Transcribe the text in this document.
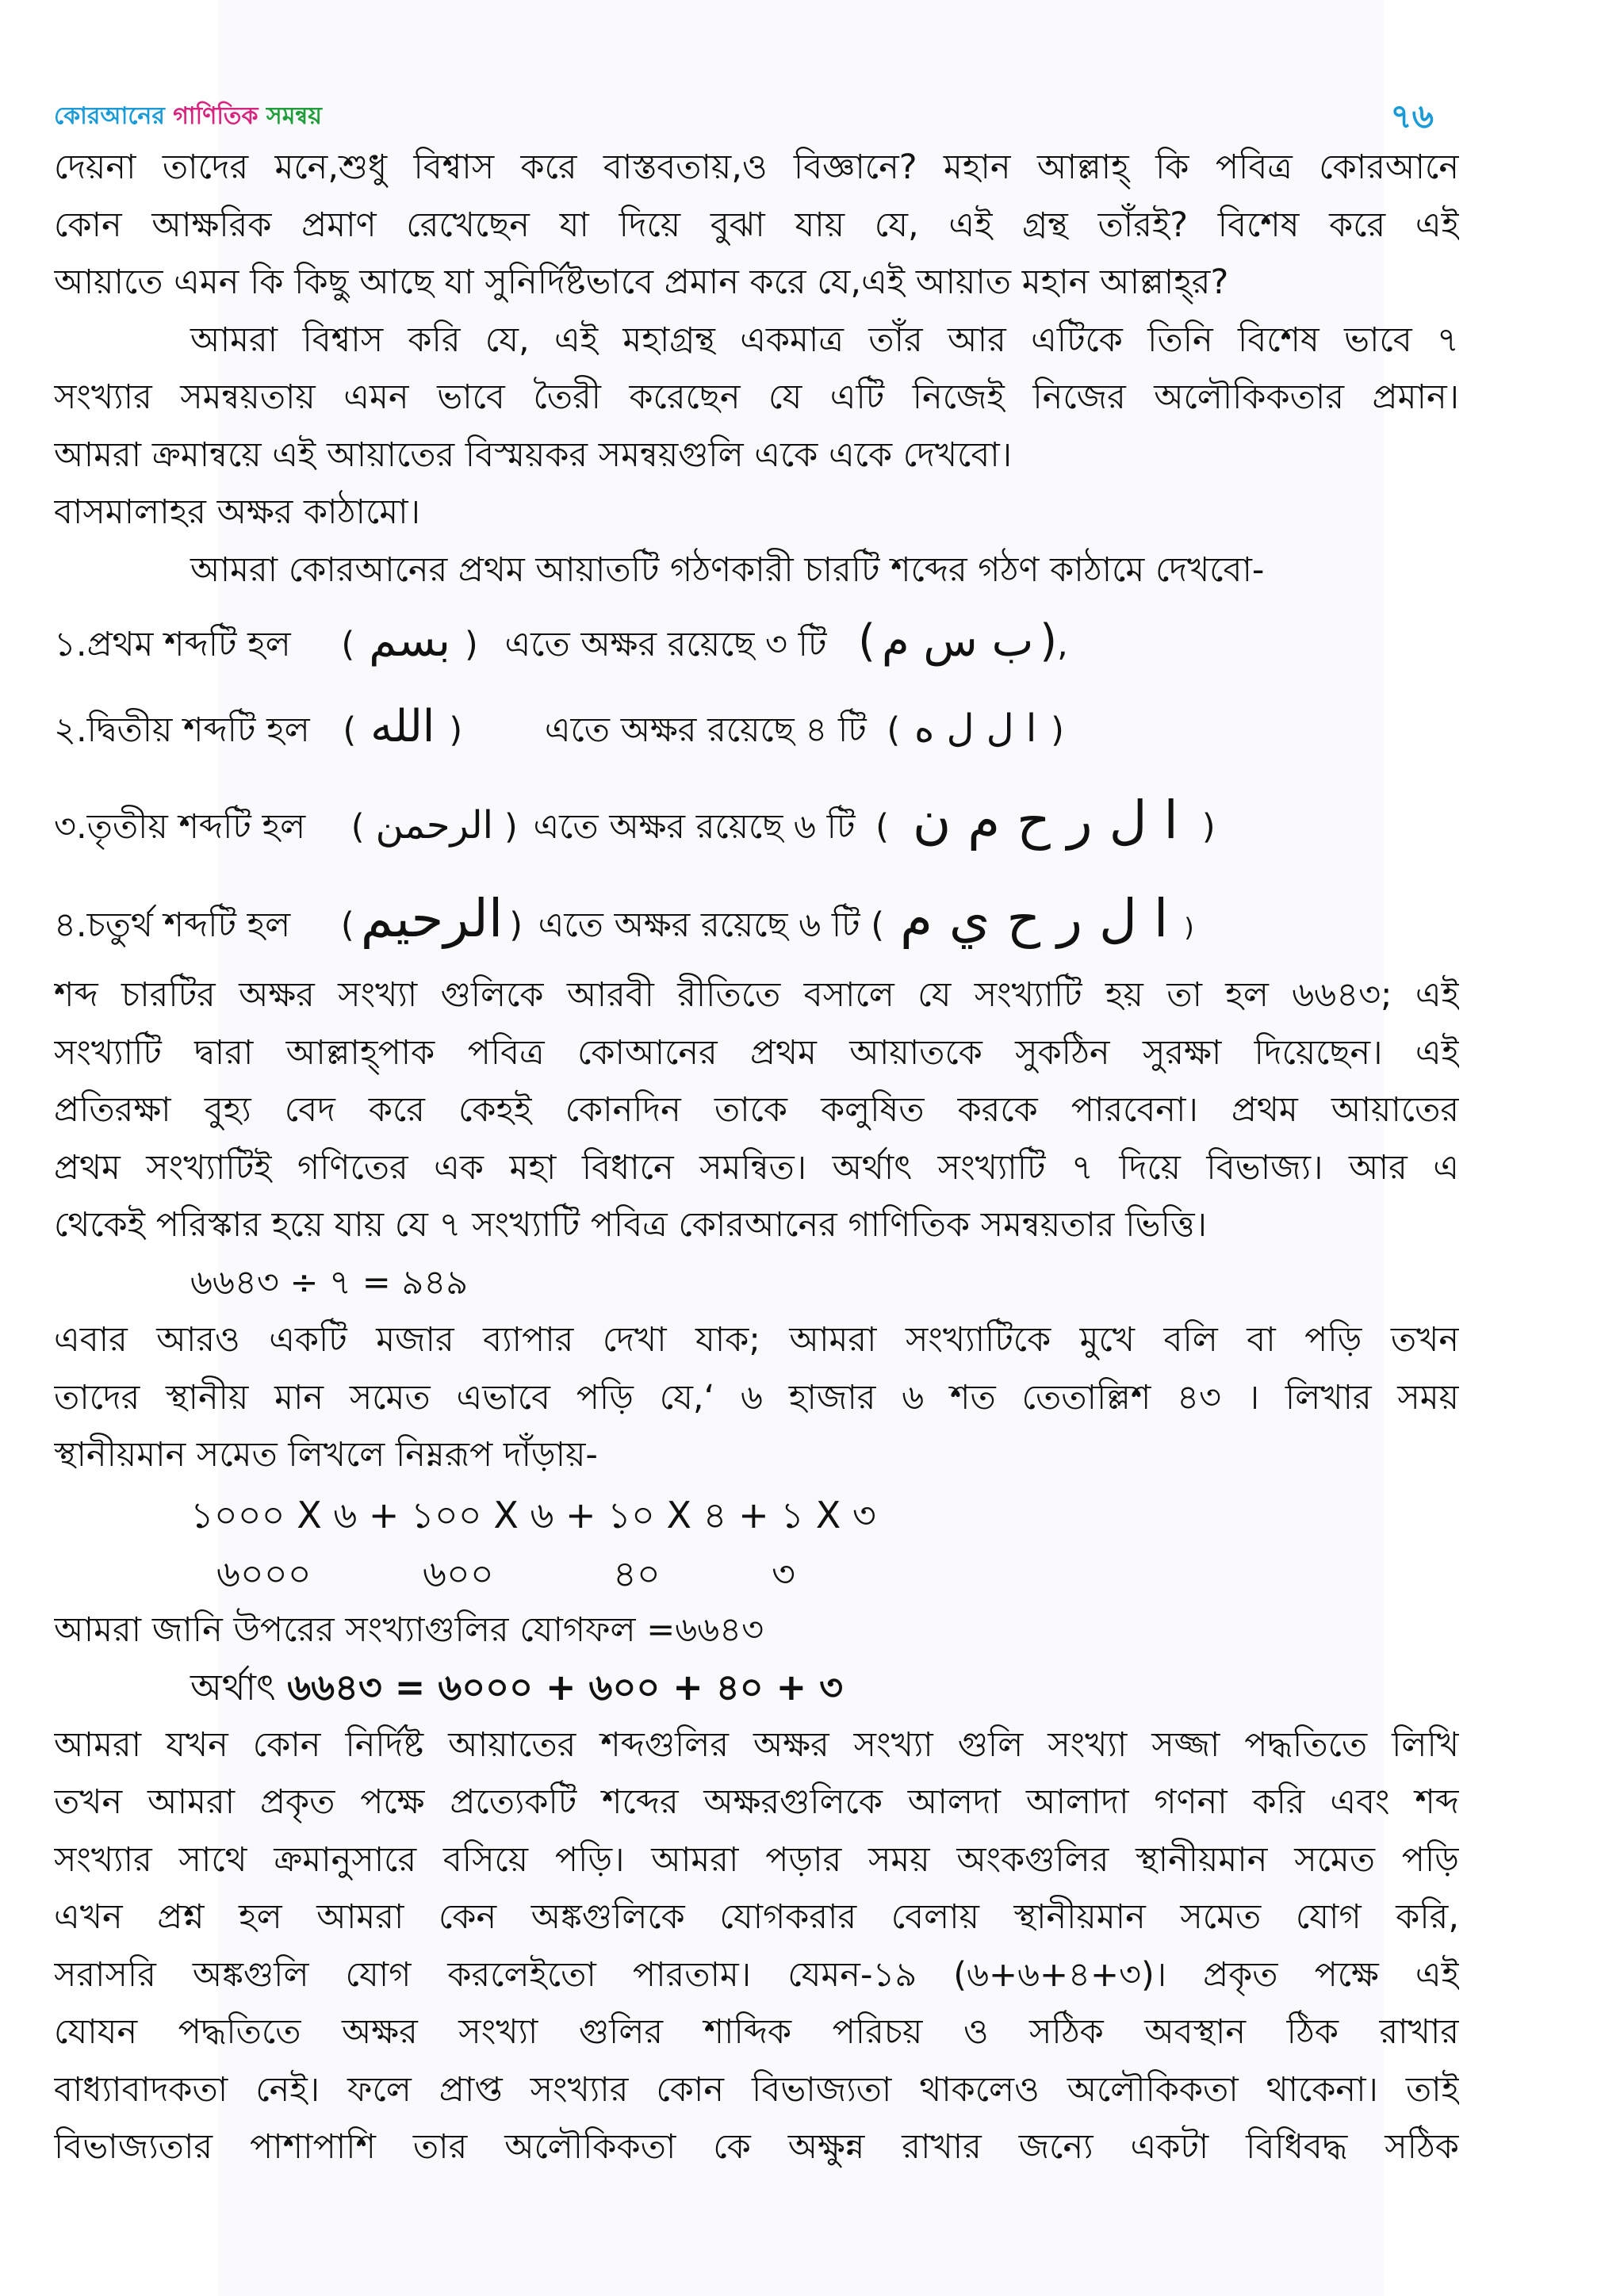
কোরআনের গাণিতিক সমন্বয়	৭৬
দেয়না তাদের মনে,শুধু বিশ্বাস করে বাস্তবতায়,ও বিজ্ঞানে? মহান আল্লাহ্ কি পবিত্র কোরআনে
কোন আক্ষরিক প্রমাণ রেখেছেন যা দিয়ে বুঝা যায় যে, এই গ্রন্থ তাঁরই? বিশেষ করে এই
আয়াতে এমন কি কিছু আছে যা সুনির্দিষ্টভাবে প্রমান করে যে,এই আয়াত মহান আল্লাহ্‌র?
আমরা বিশ্বাস করি যে, এই মহাগ্রন্থ একমাত্র তাঁর আর এটিকে তিনি বিশেষ ভাবে ৭
সংখ্যার সমন্বয়তায় এমন ভাবে তৈরী করেছেন যে এটি নিজেই নিজের অলৌকিকতার প্রমান।
আমরা ক্রমান্বয়ে এই আয়াতের বিস্ময়কর সমন্বয়গুলি একে একে দেখবো।
বাসমালাহর অক্ষর কাঠামো।
আমরা কোরআনের প্রথম আয়াতটি গঠণকারী চারটি শব্দের গঠণ কাঠামে দেখবো-
১.প্রথম শব্দটি হল ( بسم ) এতে অক্ষর রয়েছে ৩ টি ( ب س م ),
২.দ্বিতীয় শব্দটি হল ( الله ) এতে অক্ষর রয়েছে ৪ টি ( ا ل ل ه )
৩.তৃতীয় শব্দটি হল ( الرحمن ) এতে অক্ষর রয়েছে ৬ টি ( ا ل ر ح م ن )
৪.চতুর্থ শব্দটি হল ( الرحيم ) এতে অক্ষর রয়েছে ৬ টি ( ا ل ر ح ي م )
শব্দ চারটির অক্ষর সংখ্যা গুলিকে আরবী রীতিতে বসালে যে সংখ্যাটি হয় তা হল ৬৬৪৩; এই
সংখ্যাটি দ্বারা আল্লাহ্পাক পবিত্র কোআনের প্রথম আয়াতকে সুকঠিন সুরক্ষা দিয়েছেন। এই
প্রতিরক্ষা বুহ্য বেদ করে কেহই কোনদিন তাকে কলুষিত করকে পারবেনা। প্রথম আয়াতের
প্রথম সংখ্যাটিই গণিতের এক মহা বিধানে সমন্বিত। অর্থাৎ সংখ্যাটি ৭ দিয়ে বিভাজ্য। আর এ
থেকেই পরিস্কার হয়ে যায় যে ৭ সংখ্যাটি পবিত্র কোরআনের গাণিতিক সমন্বয়তার ভিত্তি।
৬৬৪৩ ÷ ৭ = ৯৪৯
এবার আরও একটি মজার ব্যাপার দেখা যাক; আমরা সংখ্যাটিকে মুখে বলি বা পড়ি তখন
তাদের স্থানীয় মান সমেত এভাবে পড়ি যে,‘ ৬ হাজার ৬ শত তেতাল্লিশ ৪৩ । লিখার সময়
স্থানীয়মান সমেত লিখলে নিম্নরূপ দাঁড়ায়-
১০০০ X ৬ + ১০০ X ৬ + ১০ X ৪ + ১ X ৩
৬০০০	৬০০	৪০	৩
আমরা জানি উপরের সংখ্যাগুলির যোগফল =৬৬৪৩
অর্থাৎ ৬৬৪৩ = ৬০০০ + ৬০০ + ৪০ + ৩
আমরা যখন কোন নির্দিষ্ট আয়াতের শব্দগুলির অক্ষর সংখ্যা গুলি সংখ্যা সজ্জা পদ্ধতিতে লিখি
তখন আমরা প্রকৃত পক্ষে প্রত্যেকটি শব্দের অক্ষরগুলিকে আলদা আলাদা গণনা করি এবং শব্দ
সংখ্যার সাথে ক্রমানুসারে বসিয়ে পড়ি। আমরা পড়ার সময় অংকগুলির স্থানীয়মান সমেত পড়ি
এখন প্রশ্ন হল আমরা কেন অঙ্কগুলিকে যোগকরার বেলায় স্থানীয়মান সমেত যোগ করি,
সরাসরি অঙ্কগুলি যোগ করলেইতো পারতাম। যেমন-১৯ (৬+৬+৪+৩)। প্রকৃত পক্ষে এই
যোযন পদ্ধতিতে অক্ষর সংখ্যা গুলির শাব্দিক পরিচয় ও সঠিক অবস্থান ঠিক রাখার
বাধ্যাবাদকতা নেই। ফলে প্রাপ্ত সংখ্যার কোন বিভাজ্যতা থাকলেও অলৌকিকতা থাকেনা। তাই
বিভাজ্যতার পাশাপাশি তার অলৌকিকতা কে অক্ষুন্ন রাখার জন্যে একটা বিধিবদ্ধ সঠিক
